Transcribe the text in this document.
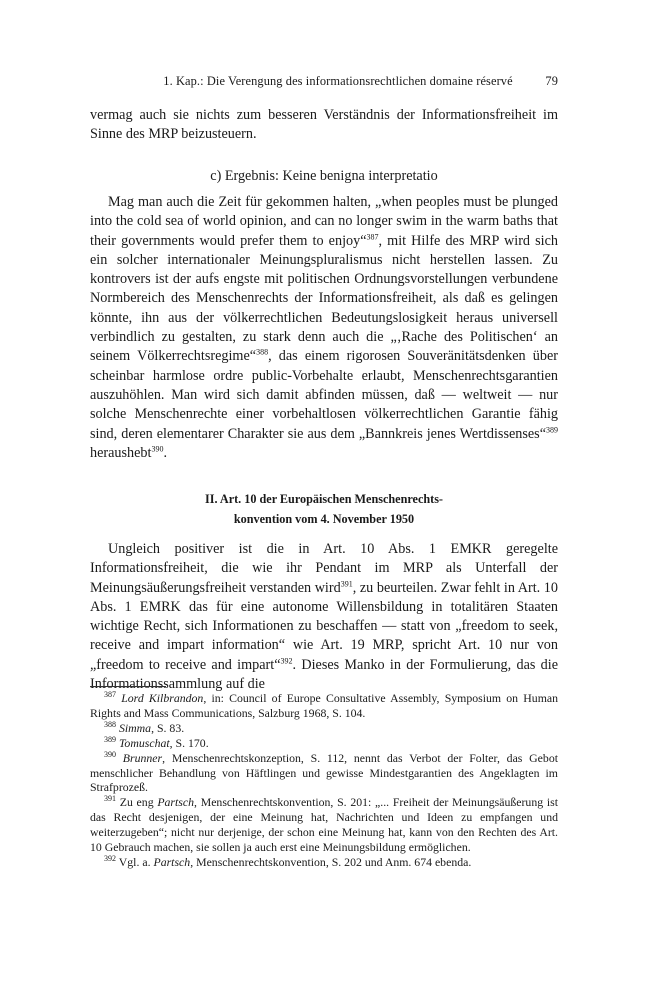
1. Kap.: Die Verengung des informationsrechtlichen domaine réservé	79

vermag auch sie nichts zum besseren Verständnis der Informationsfreiheit im Sinne des MRP beizusteuern.

c) Ergebnis: Keine benigna interpretatio

Mag man auch die Zeit für gekommen halten, „when peoples must be plunged into the cold sea of world opinion, and can no longer swim in the warm baths that their governments would prefer them to enjoy“$^{387}$, mit Hilfe des MRP wird sich ein solcher internationaler Meinungspluralismus nicht herstellen lassen. Zu kontrovers ist der aufs engste mit politischen Ordnungsvorstellungen verbundene Normbereich des Menschenrechts der Informationsfreiheit, als daß es gelingen könnte, ihn aus der völkerrechtlichen Bedeutungslosigkeit heraus universell verbindlich zu gestalten, zu stark denn auch die „‚Rache des Politischen‘ an seinem Völkerrechtsregime“$^{388}$, das einem rigorosen Souveränitätsdenken über scheinbar harmlose ordre public-Vorbehalte erlaubt, Menschenrechtsgarantien auszuhöhlen. Man wird sich damit abfinden müssen, daß — weltweit — nur solche Menschenrechte einer vorbehaltlosen völkerrechtlichen Garantie fähig sind, deren elementarer Charakter sie aus dem „Bannkreis jenes Wertdissenses“$^{389}$ heraushebt$^{390}$.

II. Art. 10 der Europäischen Menschenrechts-
konvention vom 4. November 1950

Ungleich positiver ist die in Art. 10 Abs. 1 EMKR geregelte Informationsfreiheit, die wie ihr Pendant im MRP als Unterfall der Meinungsäußerungsfreiheit verstanden wird$^{391}$, zu beurteilen. Zwar fehlt in Art. 10 Abs. 1 EMRK das für eine autonome Willensbildung in totalitären Staaten wichtige Recht, sich Informationen zu beschaffen — statt von „freedom to seek, receive and impart information“ wie Art. 19 MRP, spricht Art. 10 nur von „freedom to receive and impart“$^{392}$. Dieses Manko in der Formulierung, das die Informationssammlung auf die

$^{387}$ Lord Kilbrandon, in: Council of Europe Consultative Assembly, Symposium on Human Rights and Mass Communications, Salzburg 1968, S. 104.

$^{388}$ Simma, S. 83.

$^{389}$ Tomuschat, S. 170.

$^{390}$ Brunner, Menschenrechtskonzeption, S. 112, nennt das Verbot der Folter, das Gebot menschlicher Behandlung von Häftlingen und gewisse Mindestgarantien des Angeklagten im Strafprozeß.

$^{391}$ Zu eng Partsch, Menschenrechtskonvention, S. 201: „... Freiheit der Meinungsäußerung ist das Recht desjenigen, der eine Meinung hat, Nachrichten und Ideen zu empfangen und weiterzugeben“; nicht nur derjenige, der schon eine Meinung hat, kann von den Rechten des Art. 10 Gebrauch machen, sie sollen ja auch erst eine Meinungsbildung ermöglichen.

$^{392}$ Vgl. a. Partsch, Menschenrechtskonvention, S. 202 und Anm. 674 ebenda.
